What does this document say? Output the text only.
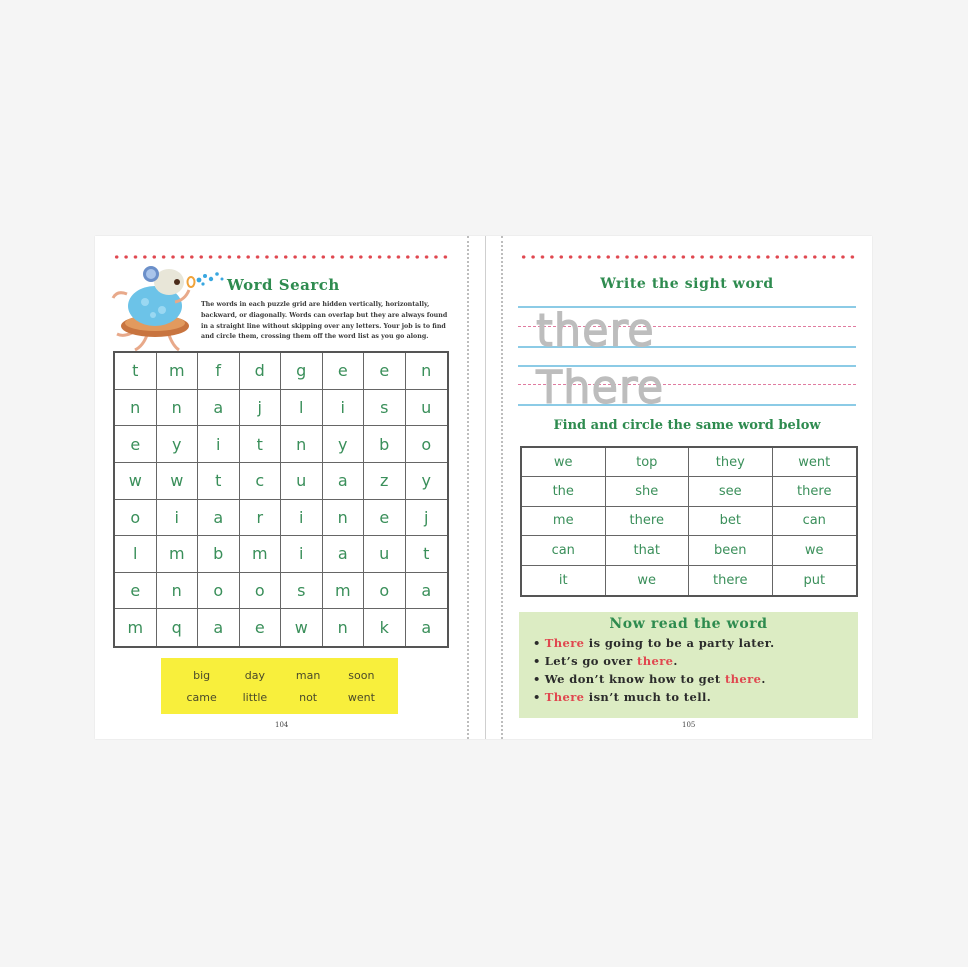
Word Search
The words in each puzzle grid are hidden vertically, horizontally, backward, or diagonally. Words can overlap but they are always found in a straight line without skipping over any letters. Your job is to find and circle them, crossing them off the word list as you go along.
t	m	f	d	g	e	e	n
n	n	a	j	l	i	s	u
e	y	i	t	n	y	b	o
w	w	t	c	u	a	z	y
o	i	a	r	i	n	e	j
l	m	b	m	i	a	u	t
e	n	o	o	s	m	o	a
m	q	a	e	w	n	k	a
big	day	man	soon
came	little	not	went
104
Write the sight word
there
There
Find and circle the same word below
we	top	they	went
the	she	see	there
me	there	bet	can
can	that	been	we
it	we	there	put
Now read the word
• There is going to be a party later.
• Let’s go over there.
• We don’t know how to get there.
• There isn’t much to tell.
105
